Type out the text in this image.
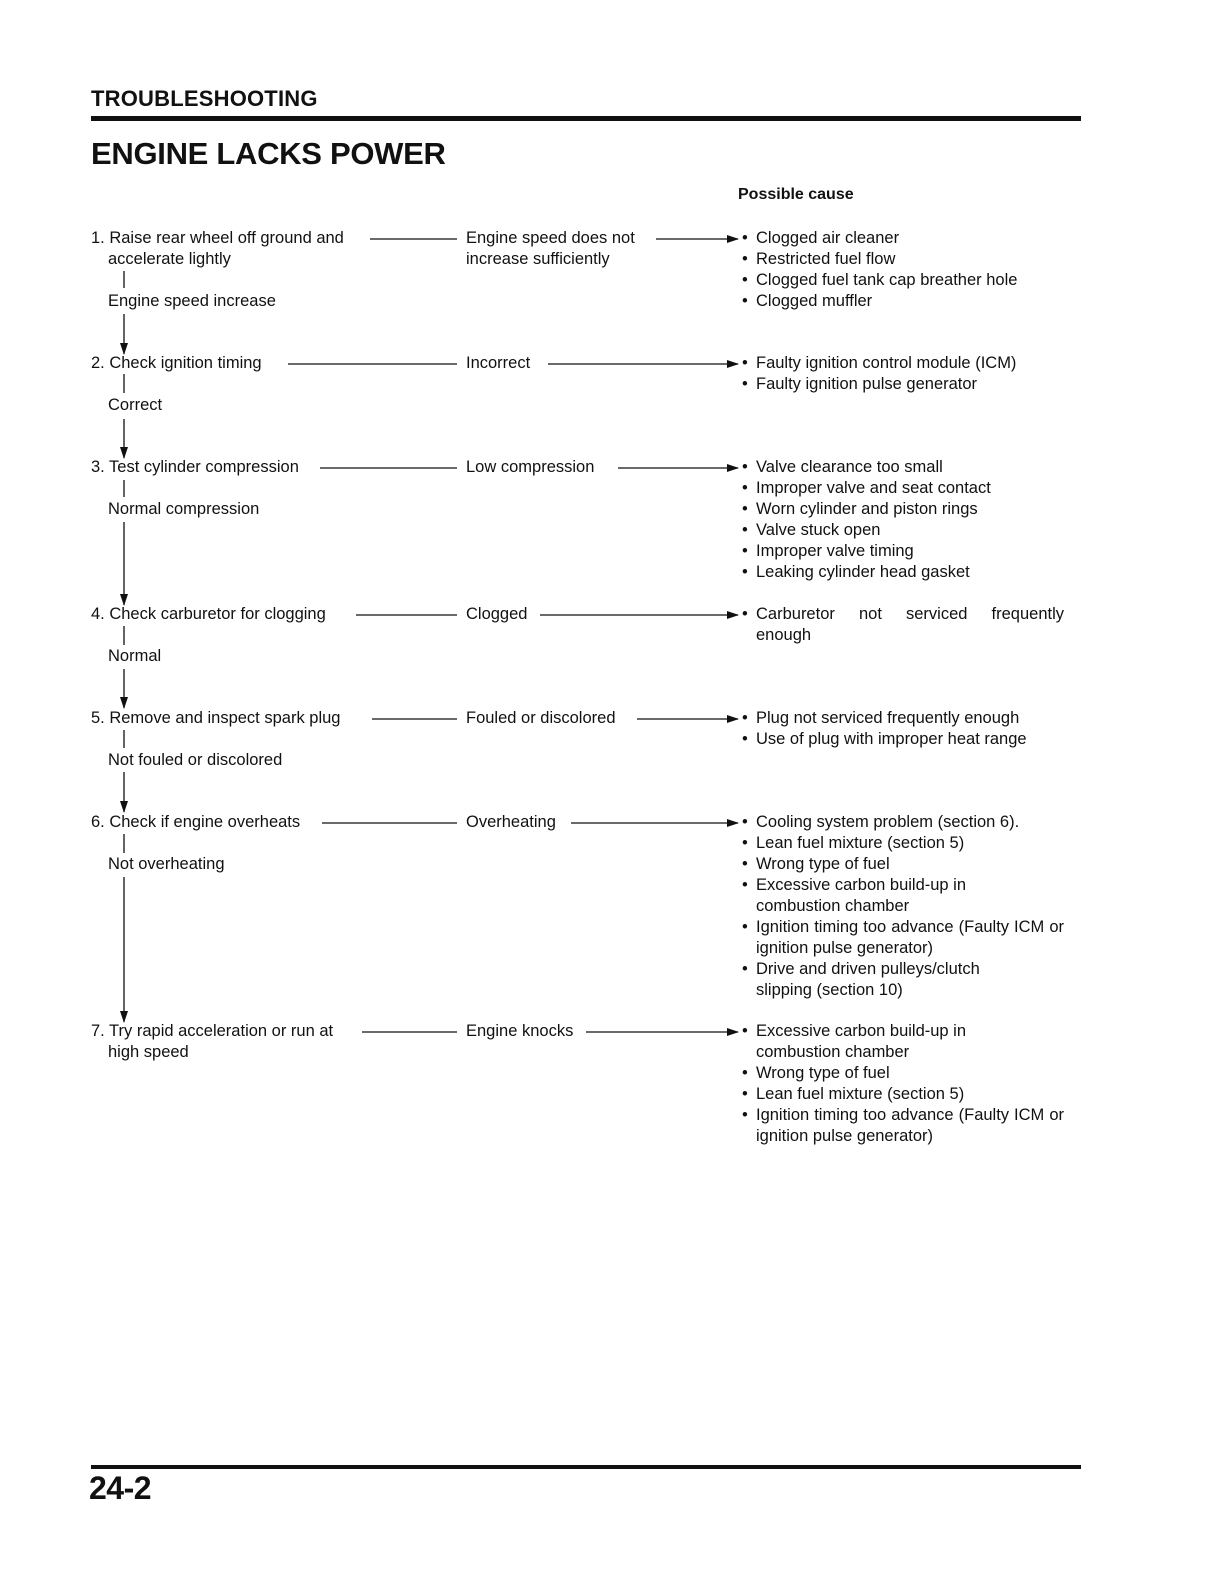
TROUBLESHOOTING
ENGINE LACKS POWER
Possible cause
1. Raise rear wheel off ground and
accelerate lightly
Engine speed increase
Engine speed does not
increase sufficiently
• Clogged air cleaner
• Restricted fuel flow
• Clogged fuel tank cap breather hole
• Clogged muffler
2. Check ignition timing
Correct
Incorrect	• Faulty ignition control module (ICM)
• Faulty ignition pulse generator
3. Test cylinder compression
Normal compression
Low compression	• Valve clearance too small
• Improper valve and seat contact
• Worn cylinder and piston rings
• Valve stuck open
• Improper valve timing
• Leaking cylinder head gasket
4. Check carburetor for clogging
Normal
Clogged	• Carburetor not serviced frequently enough
5. Remove and inspect spark plug
Not fouled or discolored
Fouled or discolored	• Plug not serviced frequently enough
• Use of plug with improper heat range
6. Check if engine overheats
Not overheating
Overheating	• Cooling system problem (section 6).
• Lean fuel mixture (section 5)
• Wrong type of fuel
• Excessive carbon build-up in combustion chamber
• Ignition timing too advance (Faulty ICM or ignition pulse generator)
• Drive and driven pulleys/clutch slipping (section 10)
7. Try rapid acceleration or run at
high speed
Engine knocks	• Excessive carbon build-up in combustion chamber
• Wrong type of fuel
• Lean fuel mixture (section 5)
• Ignition timing too advance (Faulty ICM or ignition pulse generator)
24-2
